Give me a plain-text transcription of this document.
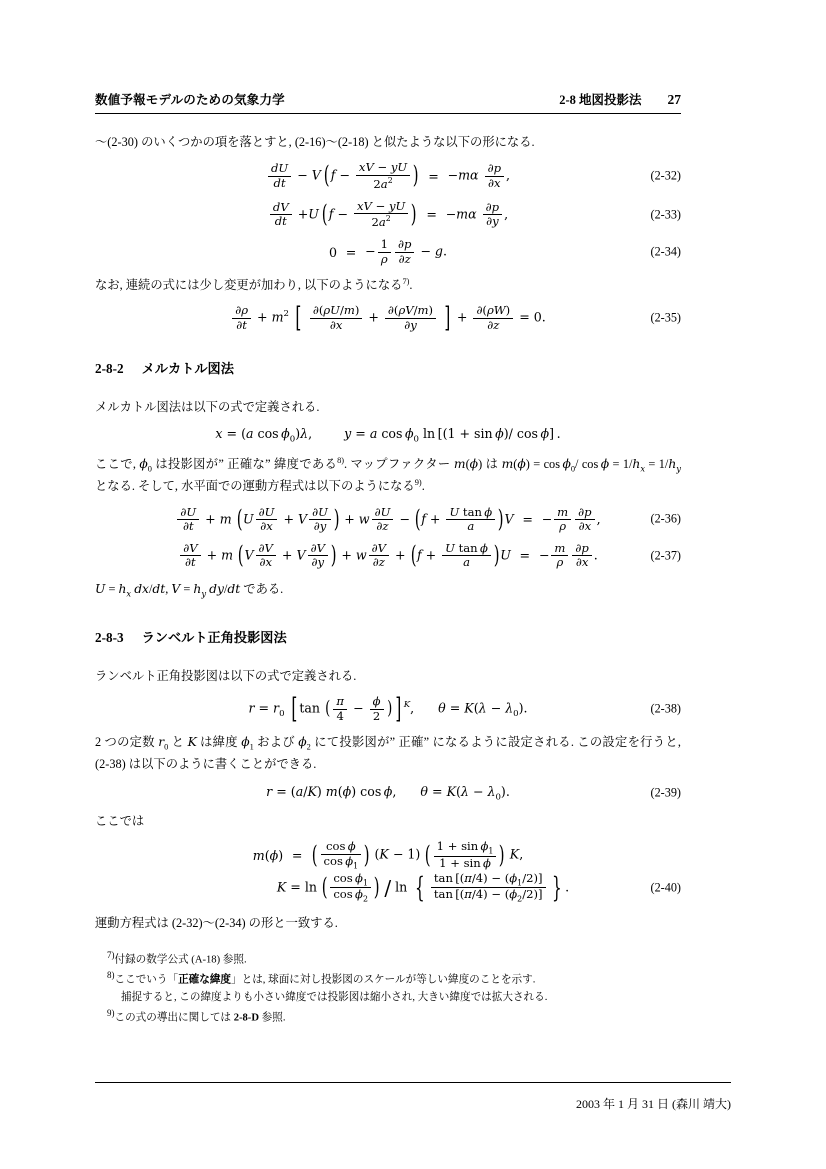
数値予報モデルのための気象力学	2-8 地図投影法 27

〜(2-30) のいくつかの項を落とすと, (2-16)〜(2-18) と似たような以下の形になる.

$\frac{dU}{dt} - V$  ($f - \frac{xV - yU}{2a^2}$ ) = $-m\alpha \frac{\partial p}{\partial x}$ ,	(2-32)
$\frac{dV}{dt} +U$  ($f - \frac{xV - yU}{2a^2}$ ) = $-m\alpha \frac{\partial p}{\partial y}$ ,	(2-33)
0 = − $\frac{1}{\rho} \frac{\partial p}{\partial z} - g$.	(2-34)

なお, 連続の式には少し変更が加わり, 以下のようになる$^{7)}$.

$\frac{\partial\rho}{\partial t} + m^2$ [ $\frac{\partial(\rho U/m)}{\partial x} + \frac{\partial(\rho V/m)}{\partial y}$ ] + $\frac{\partial(\rho W)}{\partial z} = 0$.	(2-35)
2-8-2 メルカトル図法

メルカトル図法は以下の式で定義される.

x = (a $\cos \phi_0)\lambda$,        y = a $\cos \phi_0$ ln [(1 + sin ϕ)/ cos ϕ] .

ここで, $\phi_0$ は投影図が” 正確な” 緯度である$^{8)}$. マップファクター m(ϕ) は $m(\phi) = \cos \phi_0/$ $\cos \phi = 1/h_x = 1/h_y$ となる. そして, 水平面での運動方程式は以下のようになる$^{9)}$.

$\frac{\partial U}{\partial t} + m$ ($U \frac{\partial U}{\partial x} + V \frac{\partial U}{\partial y}$ ) + w $\frac{\partial U}{\partial z} - (f + \frac{\text{U tan ϕ}}{a} )V$ = − $\frac{m}{\rho} \frac{\partial p}{\partial x}$ ,	(2-36)
$\frac{\partial V}{\partial t} + m$ ($V \frac{\partial V}{\partial x} + V \frac{\partial V}{\partial y}$ ) + w $\frac{\partial V}{\partial z} + (f + \frac{\text{U tan ϕ}}{a} )U$ = − $\frac{m}{\rho} \frac{\partial p}{\partial x}$ .	(2-37)

$U = h_x$ dx/dt, $V = h_y$ dy/dt である.

2-8-3 ランベルト正角投影図法

ランベルト正角投影図は以下の式で定義される.

$r = r_0$ [ tan ( $\frac{\pi}{4} - \frac{\phi}{2}$ ) ] $^K$,      $\theta = K(\lambda - \lambda_0)$.	(2-38)

2 つの定数 $r_0$ と K は緯度 $\phi_1$ および $\phi_2$ にて投影図が” 正確” になるように設定される. この設定を行うと, (2-38) は以下のように書くことができる.

r = (a/K) m(ϕ) cos ϕ,      $\theta = K(\lambda - \lambda_0)$.	(2-39)

ここでは

m(ϕ) = ( $\frac{\text{cos ϕ}}{\cos \phi_1}$ ) (K − 1) ( $\frac{1 + \sin \phi_1}{\text{1 + sin ϕ}}$ ) K,
K = ln ( $\frac{\cos \phi_1}{\cos \phi_2}$ ) / ln { $\frac{\tan [(\pi/4) - (\phi_1/2)]}{\tan [(\pi/4) - (\phi_2/2)]}$ } .	(2-40)

運動方程式は (2-32)〜(2-34) の形と一致する.

$^{7)}$付録の数学公式 (A-18) 参照.

$^{8)}$ここでいう「正確な緯度」とは, 球面に対し投影図のスケールが等しい緯度のことを示す.

捕捉すると, この緯度よりも小さい緯度では投影図は縮小され, 大きい緯度では拡大される.

$^{9)}$この式の導出に関しては 2-8-D 参照.

2003 年 1 月 31 日 (森川 靖大)
